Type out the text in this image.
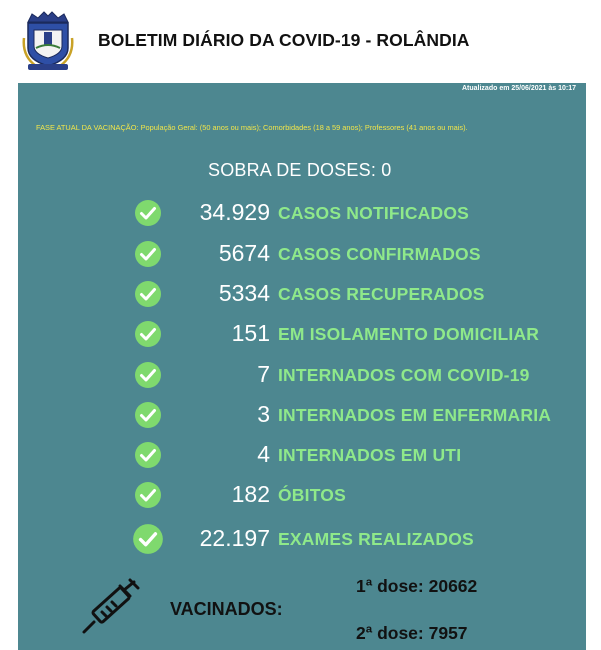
BOLETIM DIÁRIO DA COVID-19 - ROLÂNDIA
Atualizado em 25/06/2021 às 10:17
FASE ATUAL DA VACINAÇÃO: População Geral: (50 anos ou mais); Comorbidades (18 a 59 anos); Professores (41 anos ou mais).
SOBRA DE DOSES: 0
34.929 CASOS NOTIFICADOS
5674 CASOS CONFIRMADOS
5334 CASOS RECUPERADOS
151 EM ISOLAMENTO DOMICILIAR
7 INTERNADOS COM COVID-19
3 INTERNADOS EM ENFERMARIA
4 INTERNADOS EM UTI
182 ÓBITOS
22.197 EXAMES REALIZADOS
VACINADOS:
1ª dose: 20662
2ª dose: 7957
